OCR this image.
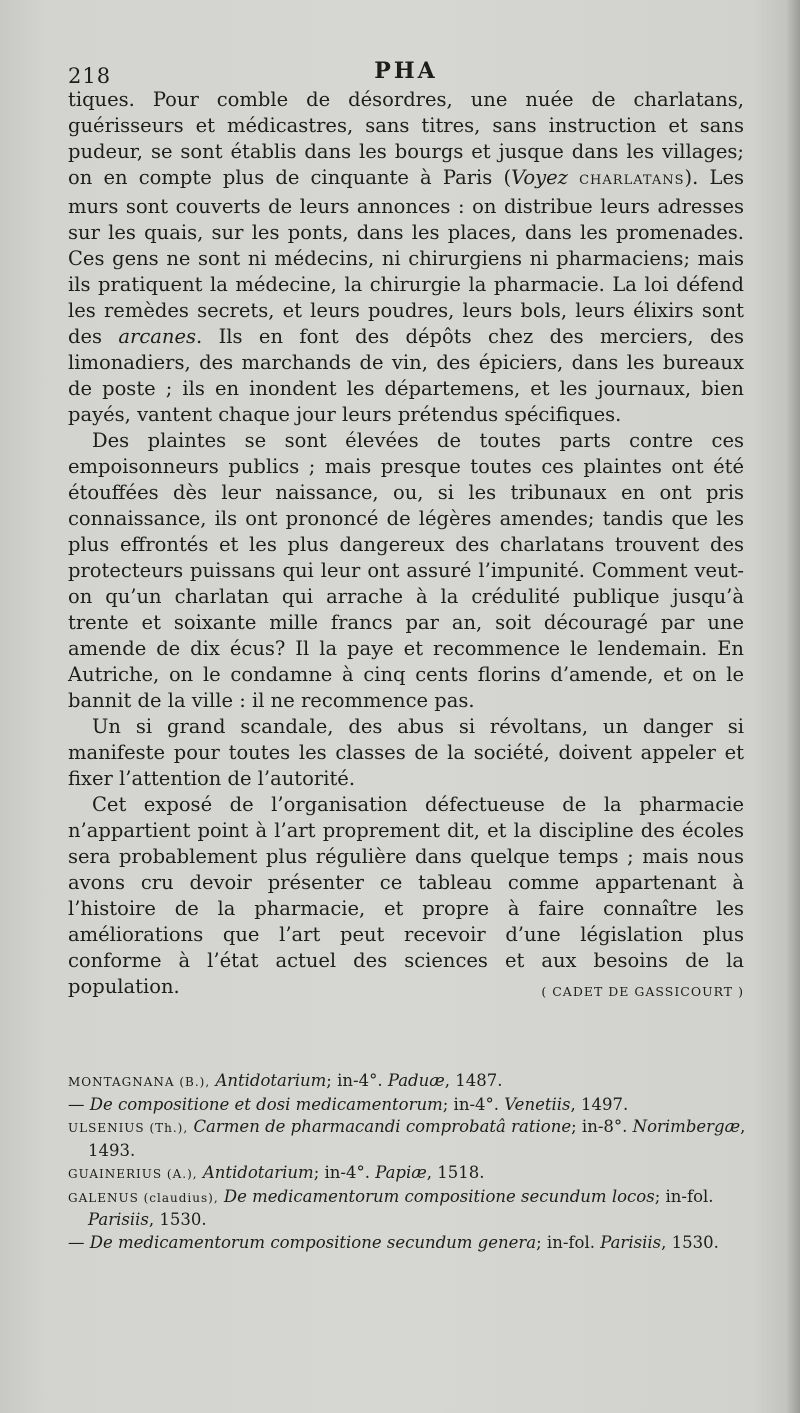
218	PHA

tiques. Pour comble de désordres, une nuée de charlatans, guérisseurs et médicastres, sans titres, sans instruction et sans pudeur, se sont établis dans les bourgs et jusque dans les villages; on en compte plus de cinquante à Paris (Voyez CHARLATANS). Les murs sont couverts de leurs annonces : on distribue leurs adresses sur les quais, sur les ponts, dans les places, dans les promenades. Ces gens ne sont ni médecins, ni chirurgiens ni pharmaciens; mais ils pratiquent la médecine, la chirurgie la pharmacie. La loi défend les remèdes secrets, et leurs poudres, leurs bols, leurs élixirs sont des arcanes. Ils en font des dépôts chez des merciers, des limonadiers, des marchands de vin, des épiciers, dans les bureaux de poste ; ils en inondent les départemens, et les journaux, bien payés, vantent chaque jour leurs prétendus spécifiques.

Des plaintes se sont élevées de toutes parts contre ces empoisonneurs publics ; mais presque toutes ces plaintes ont été étouffées dès leur naissance, ou, si les tribunaux en ont pris connaissance, ils ont prononcé de légères amendes; tandis que les plus effrontés et les plus dangereux des charlatans trouvent des protecteurs puissans qui leur ont assuré l’impunité. Comment veut-on qu’un charlatan qui arrache à la crédulité publique jusqu’à trente et soixante mille francs par an, soit découragé par une amende de dix écus? Il la paye et recommence le lendemain. En Autriche, on le condamne à cinq cents florins d’amende, et on le bannit de la ville : il ne recommence pas.

Un si grand scandale, des abus si révoltans, un danger si manifeste pour toutes les classes de la société, doivent appeler et fixer l’attention de l’autorité.

Cet exposé de l’organisation défectueuse de la pharmacie n’appartient point à l’art proprement dit, et la discipline des écoles sera probablement plus régulière dans quelque temps ; mais nous avons cru devoir présenter ce tableau comme appartenant à l’histoire de la pharmacie, et propre à faire connaître les améliorations que l’art peut recevoir d’une législation plus conforme à l’état actuel des sciences et aux besoins de la population.	( CADET DE GASSICOURT )

MONTAGNANA (B.), Antidotarium; in-4°. Paduæ, 1487.

— De compositione et dosi medicamentorum; in-4°. Venetiis, 1497.

ULSENIUS (Th.), Carmen de pharmacandi comprobatâ ratione; in-8°. Norimbergæ, 1493.

GUAINERIUS (A.), Antidotarium; in-4°. Papiæ, 1518.

GALENUS (claudius), De medicamentorum compositione secundum locos; in-fol. Parisiis, 1530.

— De medicamentorum compositione secundum genera; in-fol. Parisiis, 1530.
